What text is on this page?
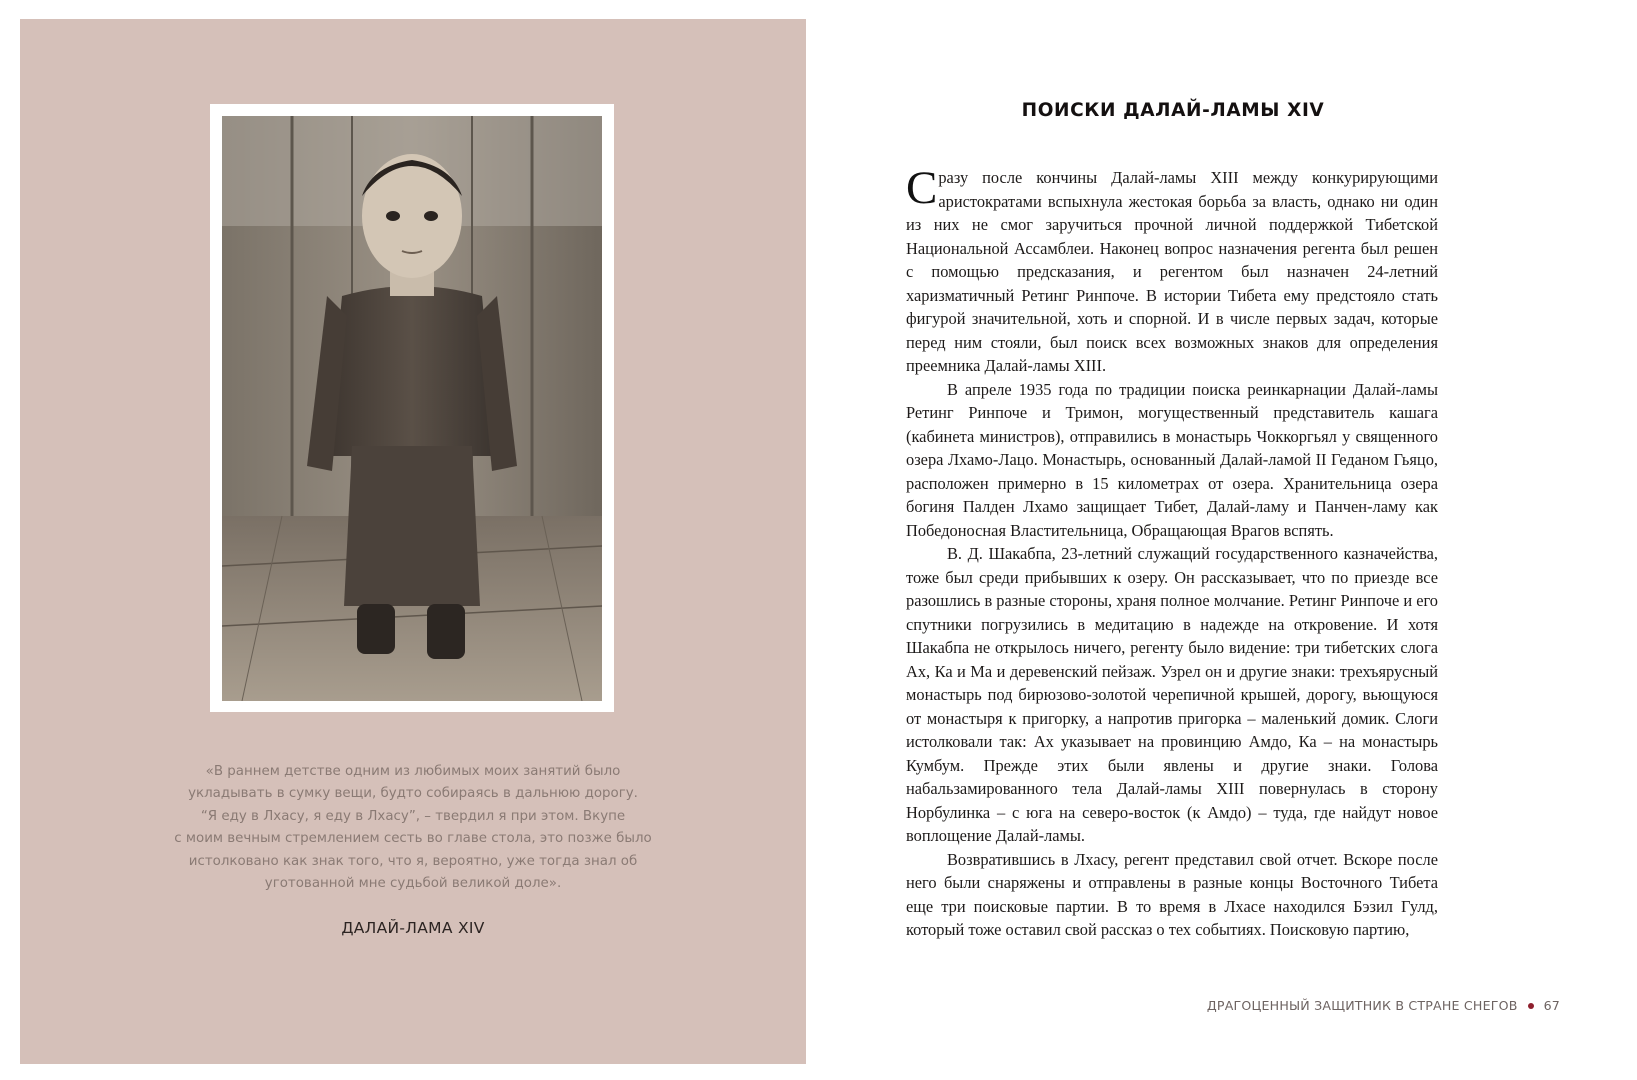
«В раннем детстве одним из любимых моих занятий было
укладывать в сумку вещи, будто собираясь в дальнюю дорогу.
“Я еду в Лхасу, я еду в Лхасу”, – твердил я при этом. Вкупе
с моим вечным стремлением сесть во главе стола, это позже было
истолковано как знак того, что я, вероятно, уже тогда знал об
уготованной мне судьбой великой доле».
ДАЛАЙ-ЛАМА XIV
ПОИСКИ ДАЛАЙ-ЛАМЫ XIV

Сразу после кончины Далай-ламы XIII между конкурирующими аристократами вспыхнула жестокая борьба за власть, однако ни один из них не смог заручиться прочной личной поддержкой Тибетской Национальной Ассамблеи. Наконец вопрос назначения регента был решен с помощью предсказания, и регентом был назначен 24-летний харизматичный Ретинг Ринпоче. В истории Тибета ему предстояло стать фигурой значительной, хоть и спорной. И в числе первых задач, которые перед ним стояли, был поиск всех возможных знаков для определения преемника Далай-ламы XIII.

В апреле 1935 года по традиции поиска реинкарнации Далай-ламы Ретинг Ринпоче и Тримон, могущественный представитель кашага (кабинета министров), отправились в монастырь Чоккоргьял у священного озера Лхамо-Лацо. Монастырь, основанный Далай-ламой II Геданом Гьяцо, расположен примерно в 15 километрах от озера. Хранительница озера богиня Палден Лхамо защищает Тибет, Далай-ламу и Панчен-ламу как Победоносная Властительница, Обращающая Врагов вспять.

В. Д. Шакабпа, 23-летний служащий государственного казначейства, тоже был среди прибывших к озеру. Он рассказывает, что по приезде все разошлись в разные стороны, храня полное молчание. Ретинг Ринпоче и его спутники погрузились в медитацию в надежде на откровение. И хотя Шакабпа не открылось ничего, регенту было видение: три тибетских слога Ах, Ка и Ма и деревенский пейзаж. Узрел он и другие знаки: трехъярусный монастырь под бирюзово-золотой черепичной крышей, дорогу, вьющуюся от монастыря к пригорку, а напротив пригорка – маленький домик. Слоги истолковали так: Ах указывает на провинцию Амдо, Ка – на монастырь Кумбум. Прежде этих были явлены и другие знаки. Голова набальзамированного тела Далай-ламы XIII повернулась в сторону Норбулинка – с юга на северо-восток (к Амдо) – туда, где найдут новое воплощение Далай-ламы.

Возвратившись в Лхасу, регент представил свой отчет. Вскоре после него были снаряжены и отправлены в разные концы Восточного Тибета еще три поисковые партии. В то время в Лхасе находился Бэзил Гулд, который тоже оставил свой рассказ о тех событиях. Поисковую партию,

ДРАГОЦЕННЫЙ ЗАЩИТНИК В СТРАНЕ СНЕГОВ 67
